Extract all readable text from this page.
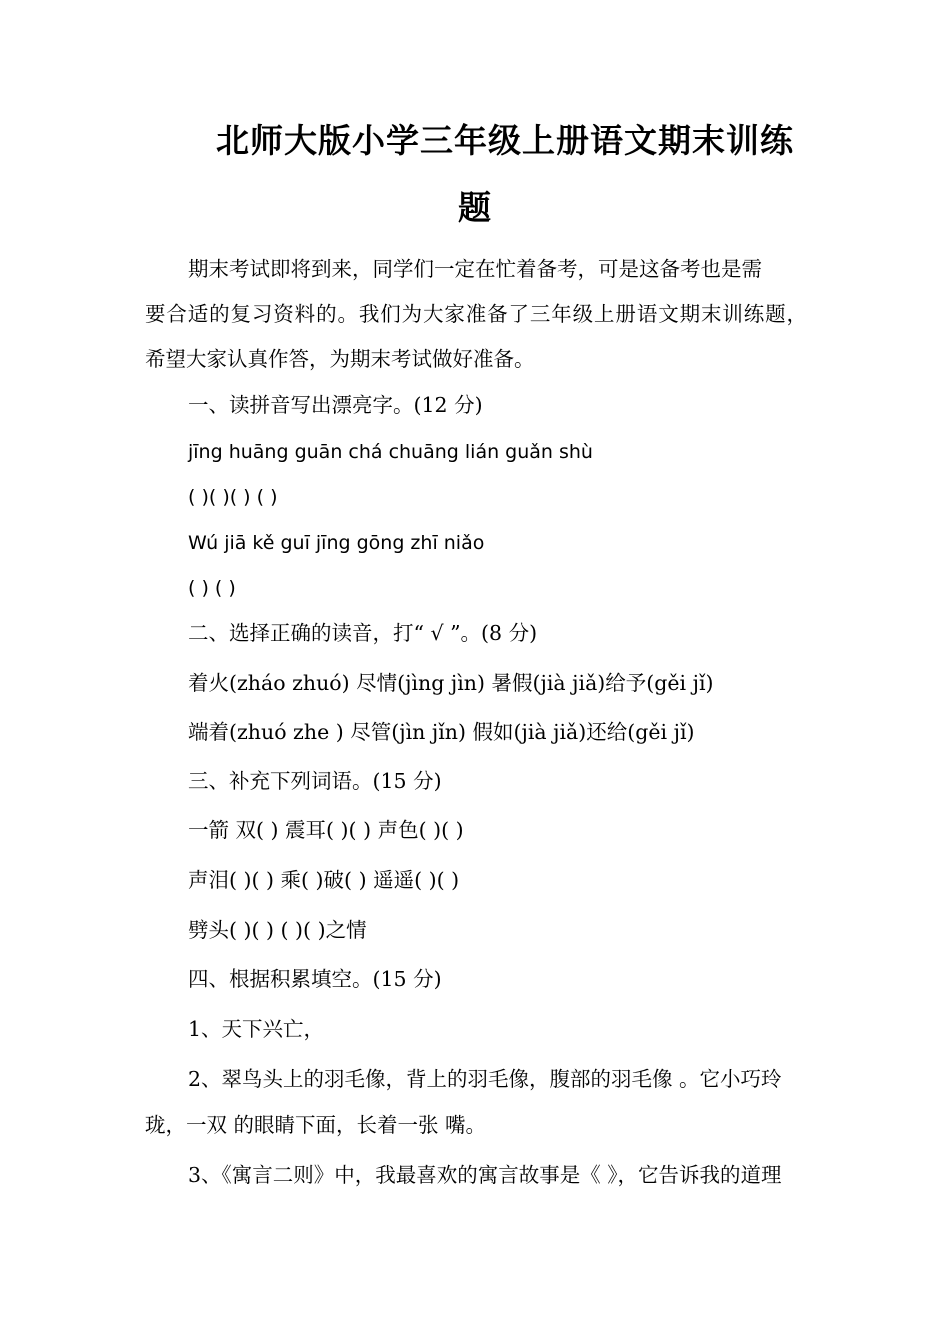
北师大版小学三年级上册语文期末训练
题

期末考试即将到来，同学们一定在忙着备考，可是这备考也是需

要合适的复习资料的。我们为大家准备了三年级上册语文期末训练题，

希望大家认真作答，为期末考试做好准备。

一、读拼音写出漂亮字。(12 分)

jīng huāng guān chá chuāng lián guǎn shù

( )( )( ) ( )

Wú jiā kě guī jīng gōng zhī niǎo

( ) ( )

二、选择正确的读音，打“ √ ”。(8 分)

着火(zháo zhuó) 尽情(jìng jìn) 暑假(jià jiǎ)给予(gěi jǐ)

端着(zhuó zhe ) 尽管(jìn jǐn) 假如(jià jiǎ)还给(gěi jǐ)

三、补充下列词语。(15 分)

一箭 双( ) 震耳( )( ) 声色( )( )

声泪( )( ) 乘( )破( ) 遥遥( )( )

劈头( )( ) ( )( )之情

四、根据积累填空。(15 分)

1、天下兴亡，

2、翠鸟头上的羽毛像，背上的羽毛像，腹部的羽毛像 。它小巧玲

珑，一双 的眼睛下面，长着一张 嘴。

3、《寓言二则》中，我最喜欢的寓言故事是《 》，它告诉我的道理
